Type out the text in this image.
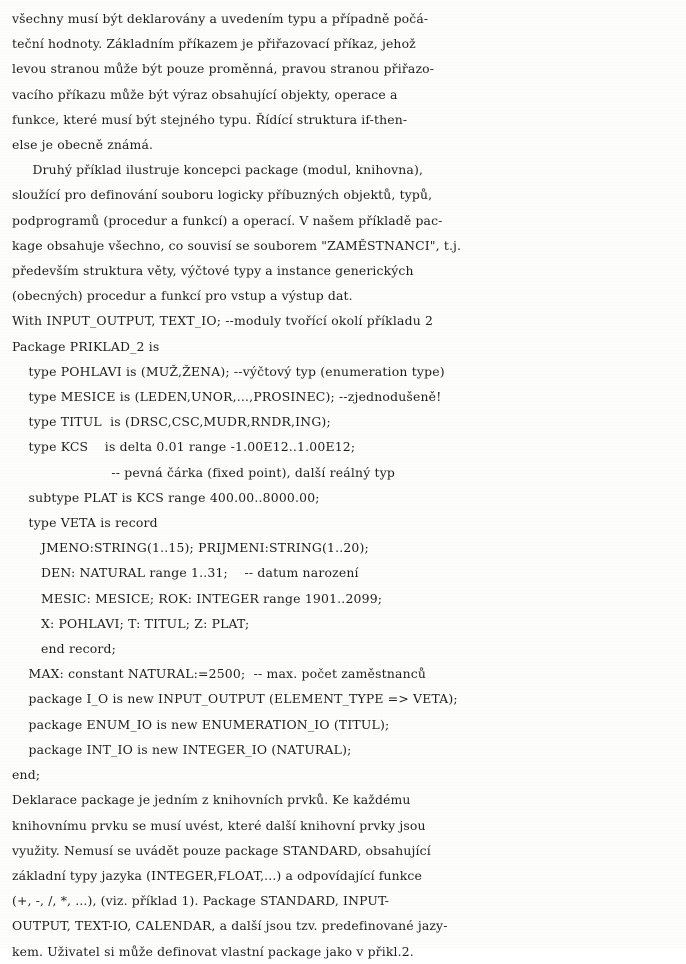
všechny musí být deklarovány a uvedením typu a případně počá-
teční hodnoty. Základním příkazem je přiřazovací příkaz, jehož
levou stranou může být pouze proměnná, pravou stranou přiřazo-
vacího příkazu může být výraz obsahující objekty, operace a
funkce, které musí být stejného typu. Řídící struktura if-then-
else je obecně známá.
Druhý příklad ilustruje koncepci package (modul, knihovna),
sloužící pro definování souboru logicky příbuzných objektů, typů,
podprogramů (procedur a funkcí) a operací. V našem příkladě pac-
kage obsahuje všechno, co souvisí se souborem "ZAMĚSTNANCI", t.j.
především struktura věty, výčtové typy a instance generických
(obecných) procedur a funkcí pro vstup a výstup dat.
With INPUT_OUTPUT, TEXT_IO; --moduly tvořící okolí příkladu 2
Package PRIKLAD_2 is
type POHLAVI is (MUŽ,ŽENA); --výčtový typ (enumeration type)
type MESICE is (LEDEN,UNOR,...,PROSINEC); --zjednodušeně!
type TITUL  is (DRSC,CSC,MUDR,RNDR,ING);
type KCS    is delta 0.01 range -1.00E12..1.00E12;
-- pevná čárka (fixed point), další reálný typ
subtype PLAT is KCS range 400.00..8000.00;
type VETA is record
JMENO:STRING(1..15); PRIJMENI:STRING(1..20);
DEN: NATURAL range 1..31;    -- datum narození
MESIC: MESICE; ROK: INTEGER range 1901..2099;
X: POHLAVI; T: TITUL; Z: PLAT;
end record;
MAX: constant NATURAL:=2500;  -- max. počet zaměstnanců
package I_O is new INPUT_OUTPUT (ELEMENT_TYPE => VETA);
package ENUM_IO is new ENUMERATION_IO (TITUL);
package INT_IO is new INTEGER_IO (NATURAL);
end;
Deklarace package je jedním z knihovních prvků. Ke každému
knihovnímu prvku se musí uvést, které další knihovní prvky jsou
využity. Nemusí se uvádět pouze package STANDARD, obsahující
základní typy jazyka (INTEGER,FLOAT,...) a odpovídající funkce
(+, -, /, *, ...), (viz. příklad 1). Package STANDARD, INPUT-
OUTPUT, TEXT-IO, CALENDAR, a další jsou tzv. predefinované jazy-
kem. Uživatel si může definovat vlastní package jako v přikl.2.
